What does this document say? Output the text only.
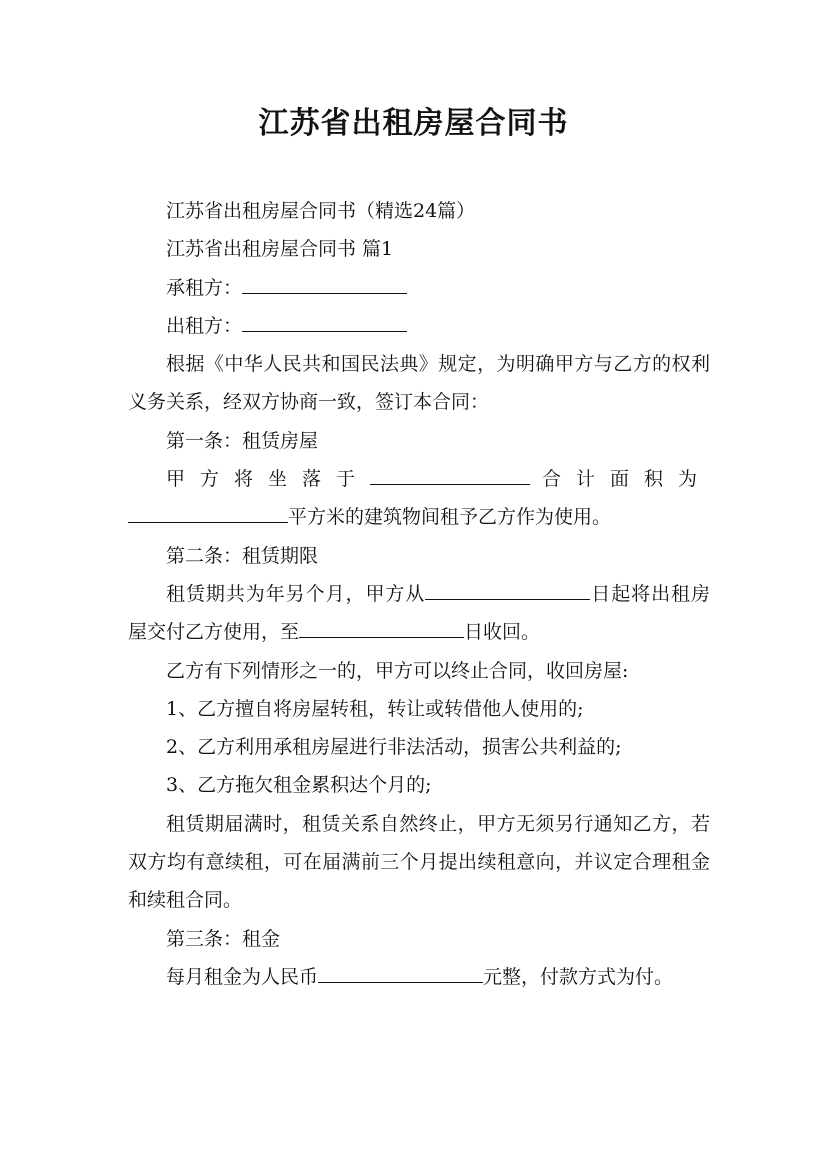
江苏省出租房屋合同书

江苏省出租房屋合同书（精选24篇）

江苏省出租房屋合同书 篇1

承租方：

出租方：

根据《中华人民共和国民法典》规定，为明确甲方与乙方的权利义务关系，经双方协商一致，签订本合同：

第一条：租赁房屋

甲方将坐落于	合计面积为平方米的建筑物间租予乙方作为使用。

第二条：租赁期限

租赁期共为年另个月，甲方从	日起将出租房屋交付乙方使用，至	日收回。

乙方有下列情形之一的，甲方可以终止合同，收回房屋:

1、乙方擅自将房屋转租，转让或转借他人使用的;

2、乙方利用承租房屋进行非法活动，损害公共利益的;

3、乙方拖欠租金累积达个月的;

租赁期届满时，租赁关系自然终止，甲方无须另行通知乙方，若双方均有意续租，可在届满前三个月提出续租意向，并议定合理租金和续租合同。

第三条：租金

每月租金为人民币	元整，付款方式为付。
